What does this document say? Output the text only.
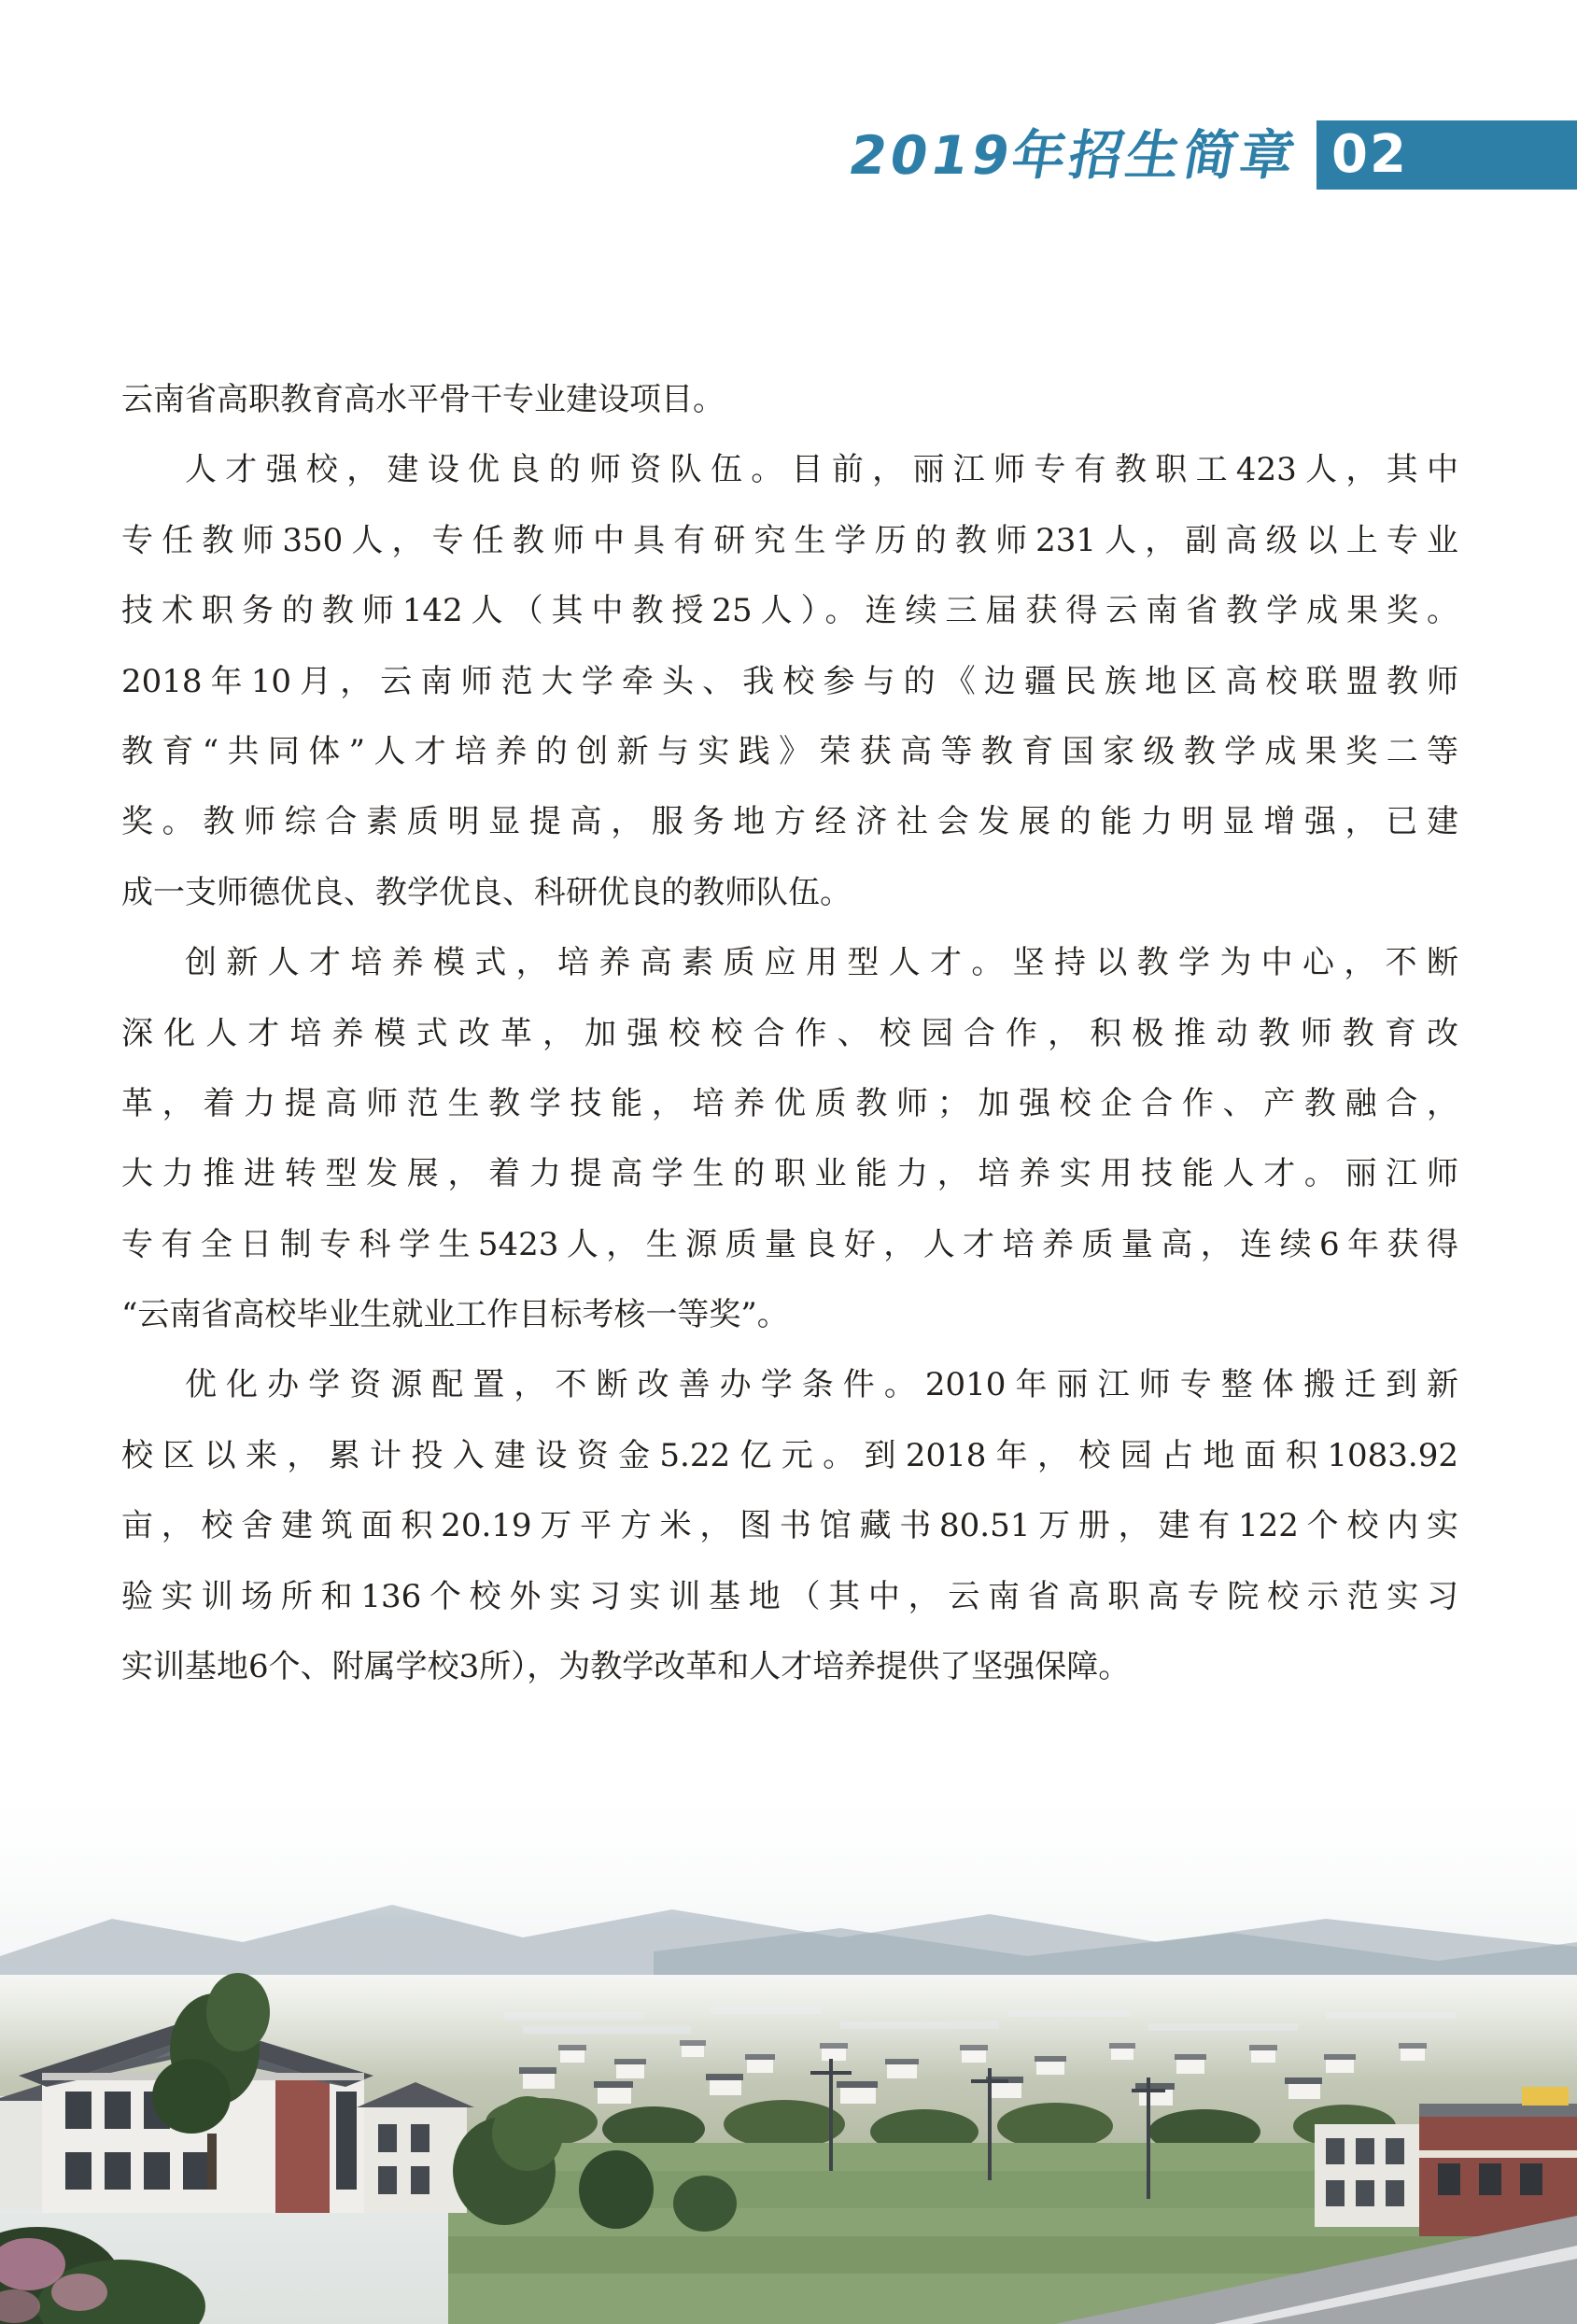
2019年招生简章 02
云南省高职教育高水平骨干专业建设项目。
人才强校，建设优良的师资队伍。目前，丽江师专有教职工423人，其中
专任教师350人，专任教师中具有研究生学历的教师231人，副高级以上专业
技术职务的教师142人（其中教授25人）。连续三届获得云南省教学成果奖。
2018年10月，云南师范大学牵头、我校参与的《边疆民族地区高校联盟教师
教育“共同体”人才培养的创新与实践》荣获高等教育国家级教学成果奖二等
奖。教师综合素质明显提高，服务地方经济社会发展的能力明显增强，已建
成一支师德优良、教学优良、科研优良的教师队伍。
创新人才培养模式，培养高素质应用型人才。坚持以教学为中心，不断
深化人才培养模式改革，加强校校合作、校园合作，积极推动教师教育改
革，着力提高师范生教学技能，培养优质教师；加强校企合作、产教融合，
大力推进转型发展，着力提高学生的职业能力，培养实用技能人才。丽江师
专有全日制专科学生5423人，生源质量良好，人才培养质量高，连续6年获得
“云南省高校毕业生就业工作目标考核一等奖”。
优化办学资源配置，不断改善办学条件。2010年丽江师专整体搬迁到新
校区以来，累计投入建设资金5.22亿元。到2018年，校园占地面积1083.92
亩，校舍建筑面积20.19万平方米，图书馆藏书80.51万册，建有122个校内实
验实训场所和136个校外实习实训基地（其中，云南省高职高专院校示范实习
实训基地6个、附属学校3所），为教学改革和人才培养提供了坚强保障。
